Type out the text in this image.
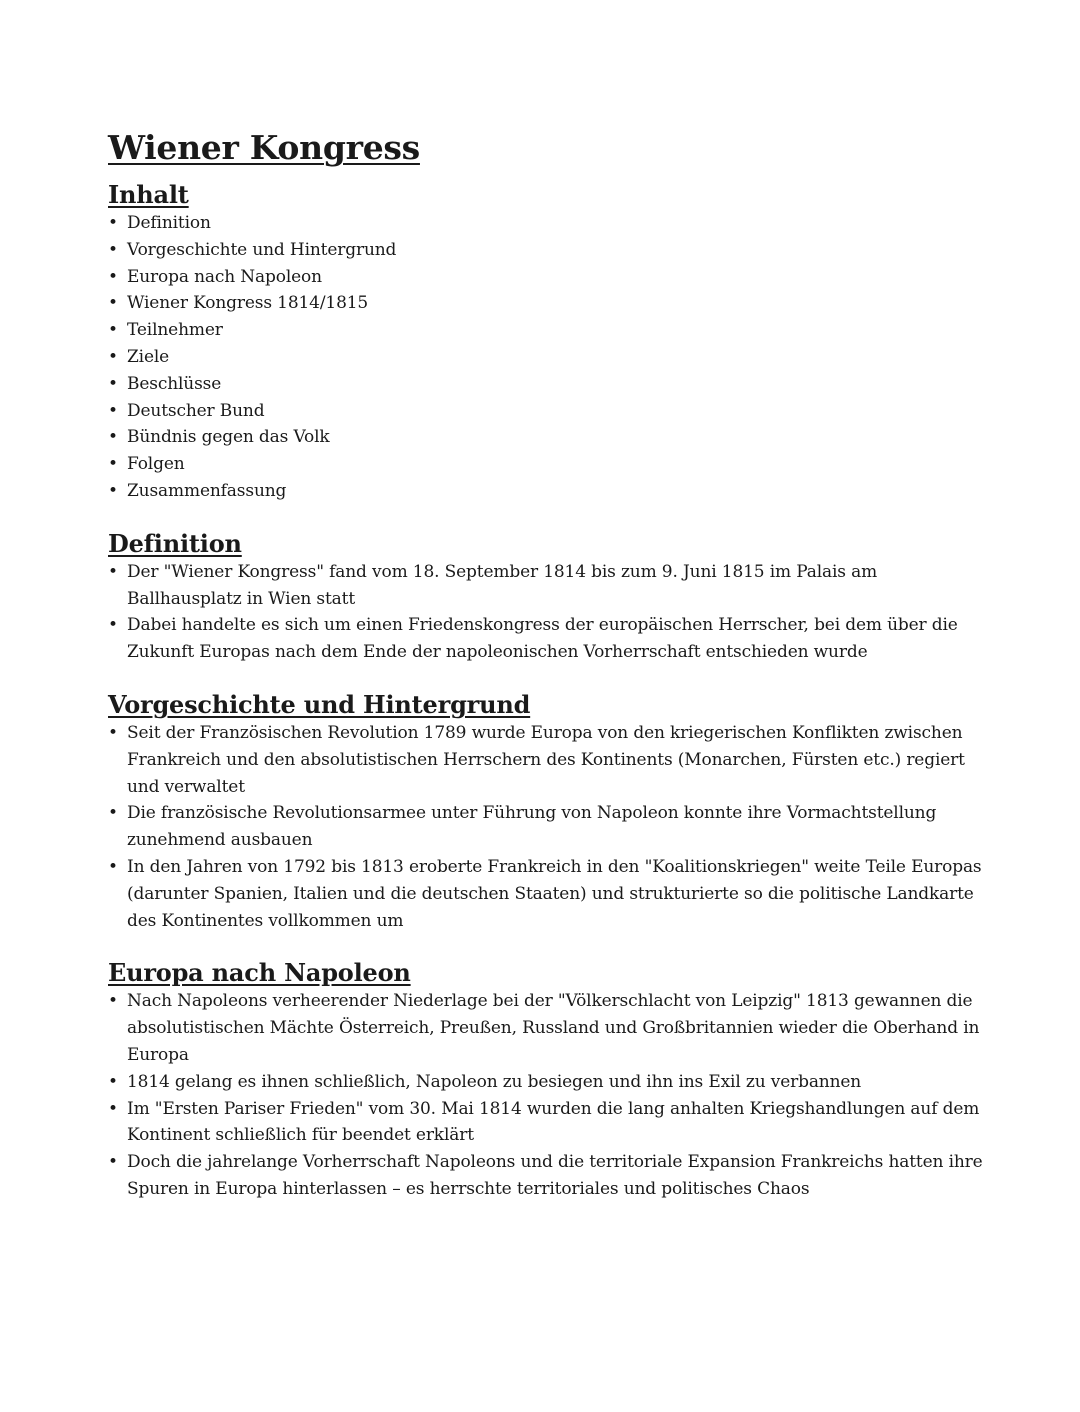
Wiener Kongress
Inhalt
• Definition
• Vorgeschichte und Hintergrund
• Europa nach Napoleon
• Wiener Kongress 1814/1815
• Teilnehmer
• Ziele
• Beschlüsse
• Deutscher Bund
• Bündnis gegen das Volk
• Folgen
• Zusammenfassung
Definition
• Der "Wiener Kongress" fand vom 18. September 1814 bis zum 9. Juni 1815 im Palais am Ballhausplatz in Wien statt
• Dabei handelte es sich um einen Friedenskongress der europäischen Herrscher, bei dem über die Zukunft Europas nach dem Ende der napoleonischen Vorherrschaft entschieden wurde
Vorgeschichte und Hintergrund
• Seit der Französischen Revolution 1789 wurde Europa von den kriegerischen Konflikten zwischen Frankreich und den absolutistischen Herrschern des Kontinents (Monarchen, Fürsten etc.) regiert und verwaltet
• Die französische Revolutionsarmee unter Führung von Napoleon konnte ihre Vormachtstellung zunehmend ausbauen
• In den Jahren von 1792 bis 1813 eroberte Frankreich in den "Koalitionskriegen" weite Teile Europas (darunter Spanien, Italien und die deutschen Staaten) und strukturierte so die politische Landkarte des Kontinentes vollkommen um
Europa nach Napoleon
• Nach Napoleons verheerender Niederlage bei der "Völkerschlacht von Leipzig" 1813 gewannen die absolutistischen Mächte Österreich, Preußen, Russland und Großbritannien wieder die Oberhand in Europa
• 1814 gelang es ihnen schließlich, Napoleon zu besiegen und ihn ins Exil zu verbannen
• Im "Ersten Pariser Frieden" vom 30. Mai 1814 wurden die lang anhalten Kriegshandlungen auf dem Kontinent schließlich für beendet erklärt
• Doch die jahrelange Vorherrschaft Napoleons und die territoriale Expansion Frankreichs hatten ihre Spuren in Europa hinterlassen – es herrschte territoriales und politisches Chaos
